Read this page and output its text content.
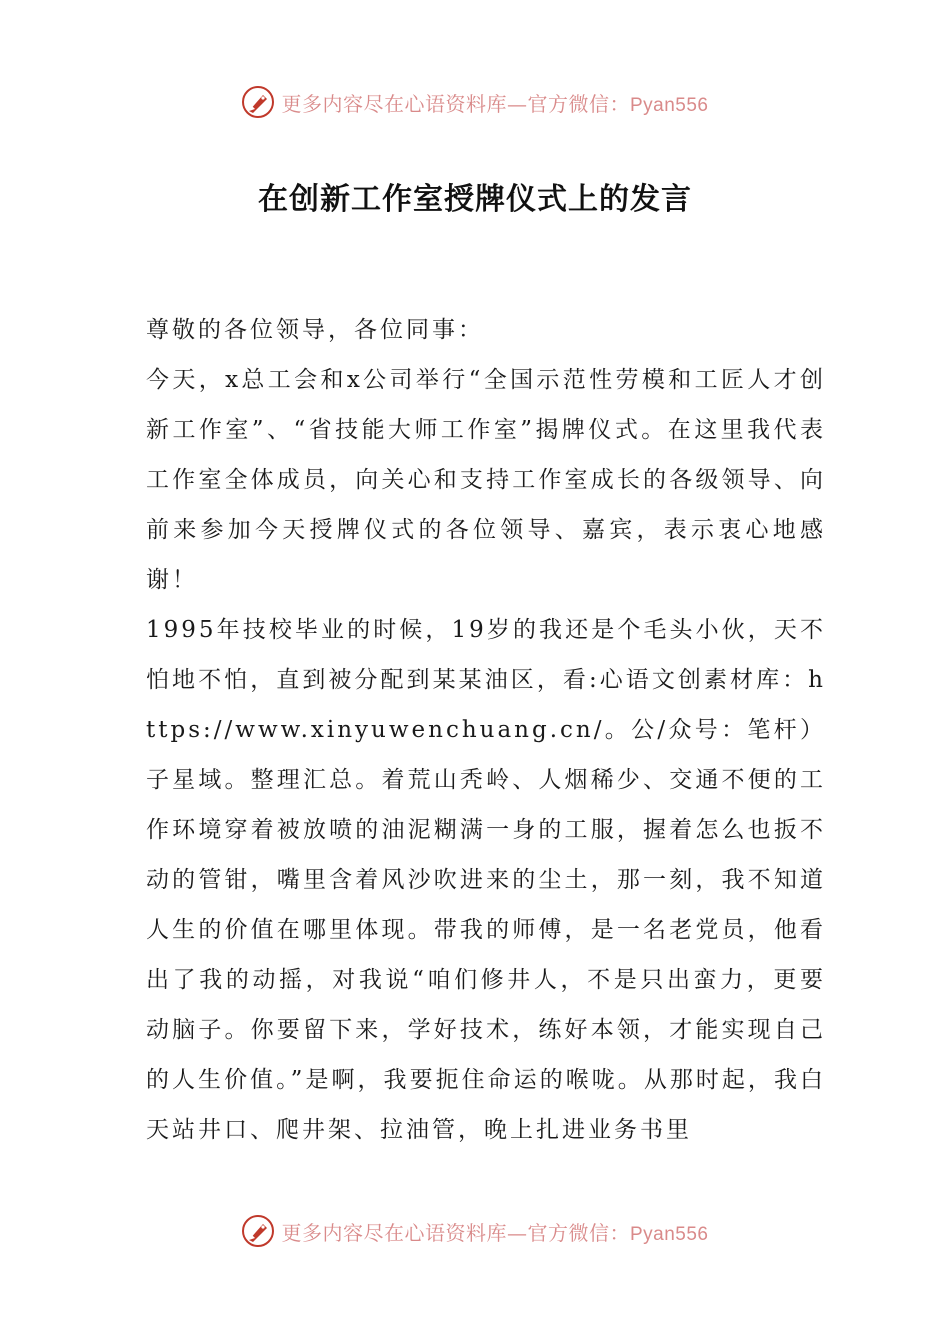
更多内容尽在心语资料库—官方微信：Pyan556
在创新工作室授牌仪式上的发言

尊敬的各位领导，各位同事：

今天，x总工会和x公司举行“全国示范性劳模和工匠人才创新工作室”、“省技能大师工作室”揭牌仪式。在这里我代表工作室全体成员，向关心和支持工作室成长的各级领导、向前来参加今天授牌仪式的各位领导、嘉宾，表示衷心地感谢！

1995年技校毕业的时候，19岁的我还是个毛头小伙，天不怕地不怕，直到被分配到某某油区，看:心语文创素材库：https://www.xinyuwenchuang.cn/。公/众号：笔杆）子星域。整理汇总。着荒山秃岭、人烟稀少、交通不便的工作环境穿着被放喷的油泥糊满一身的工服，握着怎么也扳不动的管钳，嘴里含着风沙吹进来的尘土，那一刻，我不知道人生的价值在哪里体现。带我的师傅，是一名老党员，他看出了我的动摇，对我说“咱们修井人，不是只出蛮力，更要动脑子。你要留下来，学好技术，练好本领，才能实现自己的人生价值。”是啊，我要扼住命运的喉咙。从那时起，我白天站井口、爬井架、拉油管，晚上扎进业务书里

更多内容尽在心语资料库—官方微信：Pyan556
